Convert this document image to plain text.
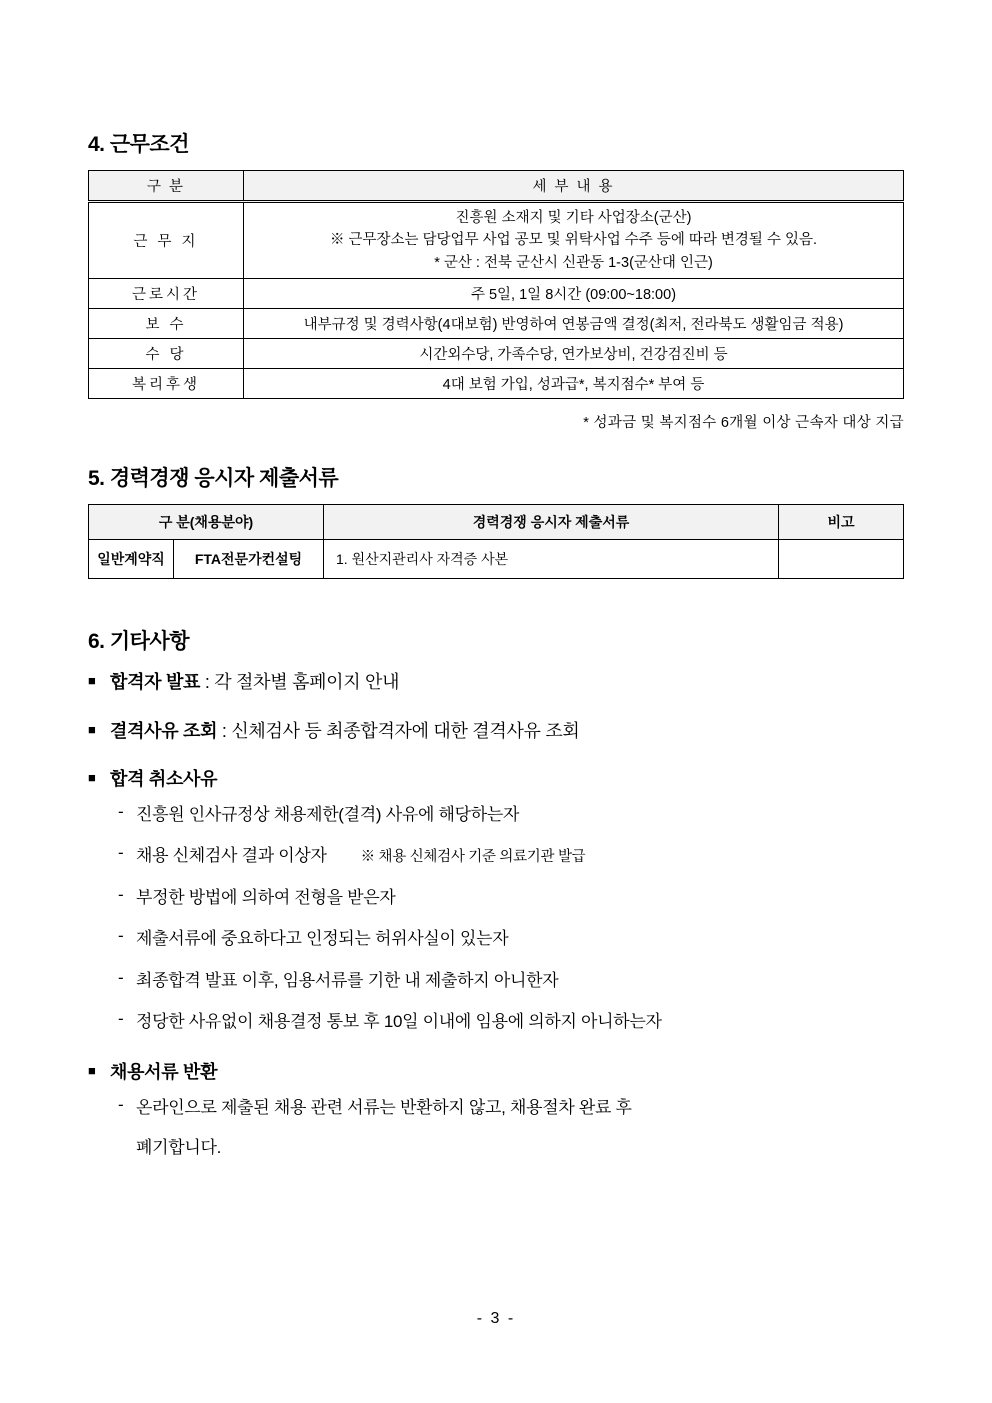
4. 근무조건
구 분	세 부 내 용
근 무 지	진흥원 소재지 및 기타 사업장소(군산)
※ 근무장소는 담당업무 사업 공모 및 위탁사업 수주 등에 따라 변경될 수 있음.
* 군산 : 전북 군산시 신관동 1-3(군산대 인근)

근로시간	주 5일, 1일 8시간 (09:00~18:00)
보 수	내부규정 및 경력사항(4대보험) 반영하여 연봉금액 결정(최저, 전라북도 생활임금 적용)
수 당	시간외수당, 가족수당, 연가보상비, 건강검진비 등
복리후생	4대 보험 가입, 성과급*, 복지점수* 부여 등
* 성과금 및 복지점수 6개월 이상 근속자 대상 지급
5. 경력경쟁 응시자 제출서류
구 분(채용분야)		경력경쟁 응시자 제출서류	비고
일반계약직	FTA전문가컨설팅	1. 원산지관리사 자격증 사본	
6. 기타사항
■ 합격자 발표 : 각 절차별 홈페이지 안내
■ 결격사유 조회 : 신체검사 등 최종합격자에 대한 결격사유 조회
■ 합격 취소사유
- 진흥원 인사규정상 채용제한(결격) 사유에 해당하는자
- 채용 신체검사 결과 이상자 ※ 채용 신체검사 기준 의료기관 발급
- 부정한 방법에 의하여 전형을 받은자
- 제출서류에 중요하다고 인정되는 허위사실이 있는자
- 최종합격 발표 이후, 임용서류를 기한 내 제출하지 아니한자
- 정당한 사유없이 채용결정 통보 후 10일 이내에 임용에 의하지 아니하는자
■ 채용서류 반환
- 온라인으로 제출된 채용 관련 서류는 반환하지 않고, 채용절차 완료 후
폐기합니다.
- 3 -
